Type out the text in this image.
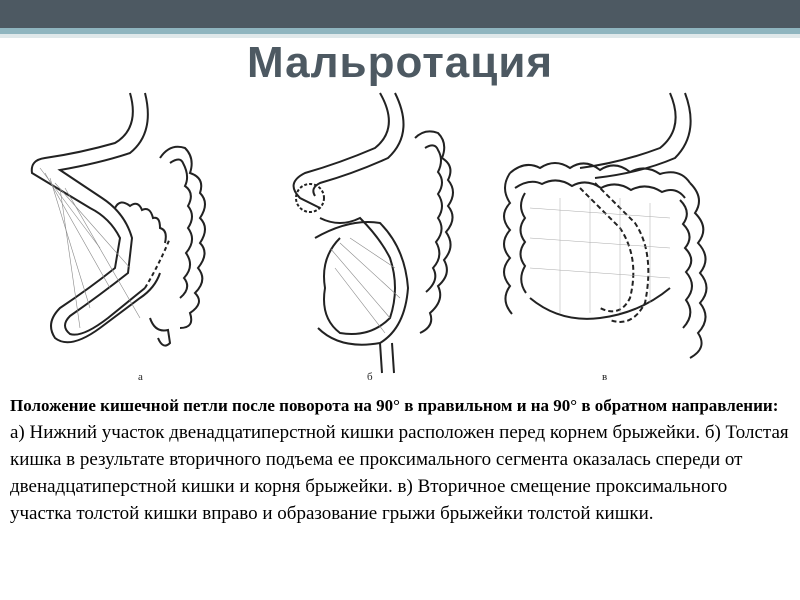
Мальротация
а	б	в
Положение кишечной петли после поворота на 90° в правильном и на 90° в обратном направлении: а) Нижний участок двенадцатиперстной кишки расположен перед корнем брыжейки. б) Толстая кишка в результате вторичного подъема ее проксимального сегмента оказалась спереди от двенадцатиперстной кишки и корня брыжейки. в) Вторичное смещение проксимального участка толстой кишки вправо и образование грыжи брыжейки толстой кишки.
